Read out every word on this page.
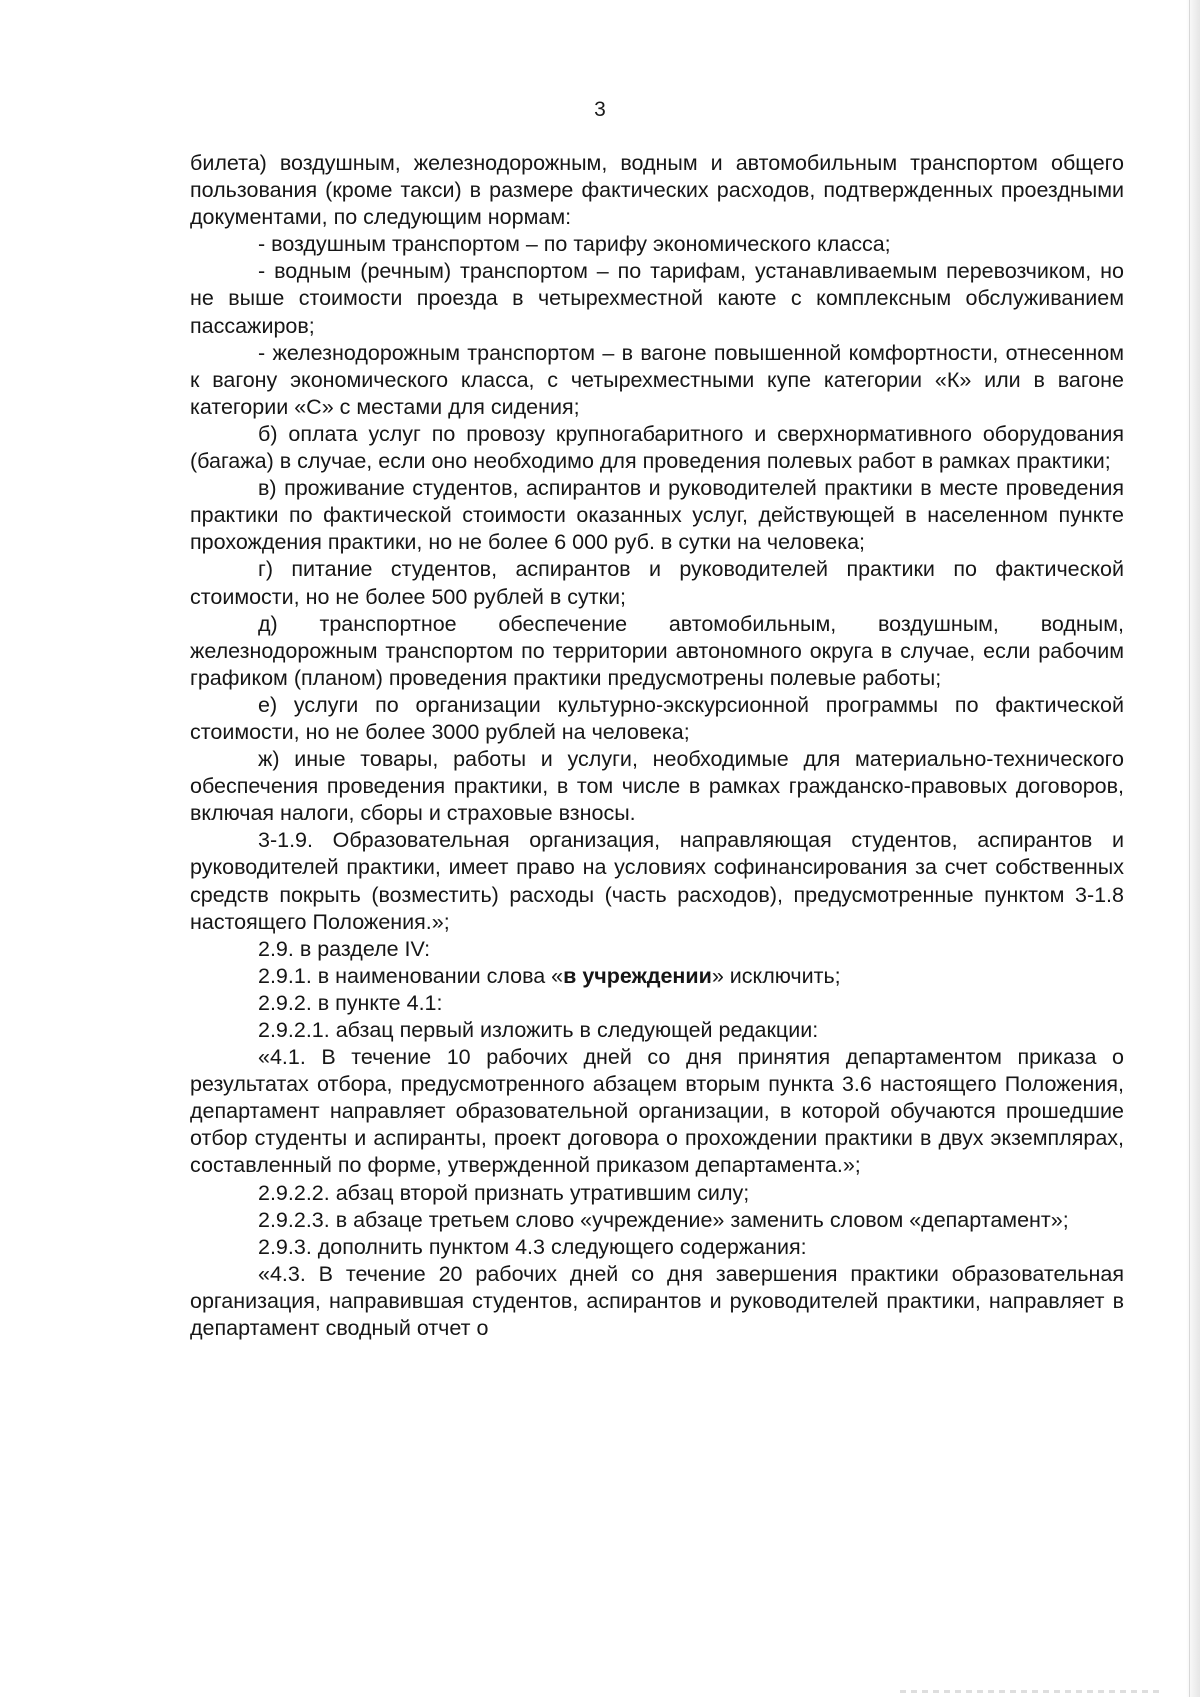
3

билета) воздушным, железнодорожным, водным и автомобильным транспортом общего пользования (кроме такси) в размере фактических расходов, подтвержденных проездными документами, по следующим нормам:

- воздушным транспортом – по тарифу экономического класса;

- водным (речным) транспортом – по тарифам, устанавливаемым перевозчиком, но не выше стоимости проезда в четырехместной каюте с комплексным обслуживанием пассажиров;

- железнодорожным транспортом – в вагоне повышенной комфортности, отнесенном к вагону экономического класса, с четырехместными купе категории «К» или в вагоне категории «С» с местами для сидения;

б) оплата услуг по провозу крупногабаритного и сверхнормативного оборудования (багажа) в случае, если оно необходимо для проведения полевых работ в рамках практики;

в) проживание студентов, аспирантов и руководителей практики в месте проведения практики по фактической стоимости оказанных услуг, действующей в населенном пункте прохождения практики, но не более 6 000 руб. в сутки на человека;

г) питание студентов, аспирантов и руководителей практики по фактической стоимости, но не более 500 рублей в сутки;

д) транспортное обеспечение автомобильным, воздушным, водным, железнодорожным транспортом по территории автономного округа в случае, если рабочим графиком (планом) проведения практики предусмотрены полевые работы;

е) услуги по организации культурно-экскурсионной программы по фактической стоимости, но не более 3000 рублей на человека;

ж) иные товары, работы и услуги, необходимые для материально-технического обеспечения проведения практики, в том числе в рамках гражданско-правовых договоров, включая налоги, сборы и страховые взносы.

3-1.9. Образовательная организация, направляющая студентов, аспирантов и руководителей практики, имеет право на условиях софинансирования за счет собственных средств покрыть (возместить) расходы (часть расходов), предусмотренные пунктом 3-1.8 настоящего Положения.»;

2.9. в разделе IV:

2.9.1. в наименовании слова «в учреждении» исключить;

2.9.2. в пункте 4.1:

2.9.2.1. абзац первый изложить в следующей редакции:

«4.1. В течение 10 рабочих дней со дня принятия департаментом приказа о результатах отбора, предусмотренного абзацем вторым пункта 3.6 настоящего Положения, департамент направляет образовательной организации, в которой обучаются прошедшие отбор студенты и аспиранты, проект договора о прохождении практики в двух экземплярах, составленный по форме, утвержденной приказом департамента.»;

2.9.2.2. абзац второй признать утратившим силу;

2.9.2.3. в абзаце третьем слово «учреждение» заменить словом «департамент»;

2.9.3. дополнить пунктом 4.3 следующего содержания:

«4.3. В течение 20 рабочих дней со дня завершения практики образовательная организация, направившая студентов, аспирантов и руководителей практики, направляет в департамент сводный отчет о
